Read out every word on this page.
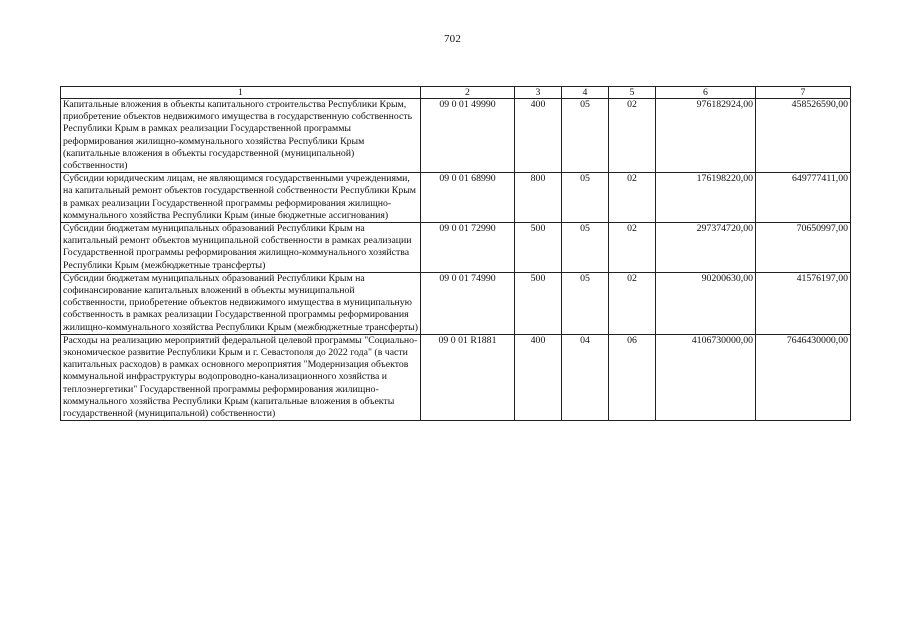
702
1	2	3	4	5	6	7
Капитальные вложения в объекты капитального строительства Республики Крым, приобретение объектов недвижимого имущества в государственную собственность Республики Крым в рамках реализации Государственной программы реформирования жилищно-коммунального хозяйства Республики Крым (капитальные вложения в объекты государственной (муниципальной) собственности)	09 0 01 49990	400	05	02	976182924,00	458526590,00
Субсидии юридическим лицам, не являющимся государственными учреждениями, на капитальный ремонт объектов государственной собственности Республики Крым в рамках реализации Государственной программы реформирования жилищно-коммунального хозяйства Республики Крым (иные бюджетные ассигнования)	09 0 01 68990	800	05	02	176198220,00	649777411,00
Субсидии бюджетам муниципальных образований Республики Крым на капитальный ремонт объектов муниципальной собственности в рамках реализации Государственной программы реформирования жилищно-коммунального хозяйства Республики Крым (межбюджетные трансферты)	09 0 01 72990	500	05	02	297374720,00	70650997,00
Субсидии бюджетам муниципальных образований Республики Крым на софинансирование капитальных вложений в объекты муниципальной собственности, приобретение объектов недвижимого имущества в муниципальную собственность в рамках реализации Государственной программы реформирования жилищно-коммунального хозяйства Республики Крым (межбюджетные трансферты)	09 0 01 74990	500	05	02	90200630,00	41576197,00
Расходы на реализацию мероприятий федеральной целевой программы "Социально-экономическое развитие Республики Крым и г. Севастополя до 2022 года" (в части капитальных расходов) в рамках основного мероприятия "Модернизация объектов коммунальной инфраструктуры водопроводно-канализационного хозяйства и теплоэнергетики" Государственной программы реформирования жилищно-коммунального хозяйства Республики Крым (капитальные вложения в объекты государственной (муниципальной) собственности)	09 0 01 R1881	400	04	06	4106730000,00	7646430000,00
